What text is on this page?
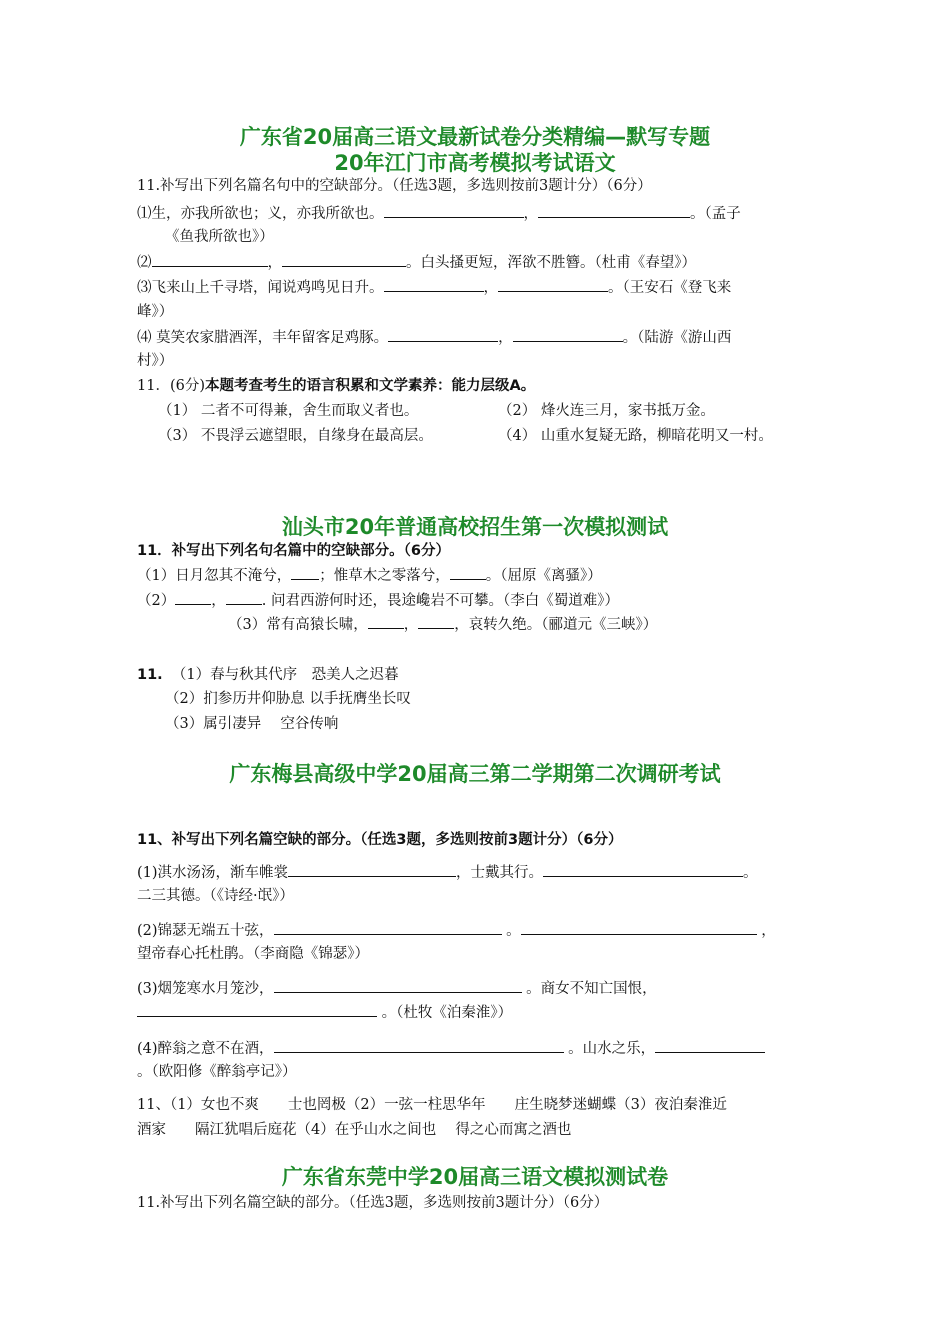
广东省20届高三语文最新试卷分类精编—默写专题
20年江门市高考模拟考试语文
11.补写出下列名篇名句中的空缺部分。（任选3题，多选则按前3题计分）（6分）
⑴生，亦我所欲也；义，亦我所欲也。	，	。（孟子
《鱼我所欲也》）
⑵	，	。白头搔更短，浑欲不胜簪。（杜甫《春望》）
⑶飞来山上千寻塔，闻说鸡鸣见日升。	，	。（王安石《登飞来
峰》）
⑷ 莫笑农家腊酒浑，丰年留客足鸡豚。	，	。（陆游《游山西
村》）
11．(6分)本题考查考生的语言积累和文学素养：能力层级A。
（1） 二者不可得兼，舍生而取义者也。	（2） 烽火连三月，家书抵万金。
（3） 不畏浮云遮望眼，自缘身在最高层。	（4） 山重水复疑无路，柳暗花明又一村。
汕头市20年普通高校招生第一次模拟测试
11．补写出下列名句名篇中的空缺部分。（6分）
（1）日月忽其不淹兮， ；惟草木之零落兮， 。（屈原《离骚》）
（2） ， . 问君西游何时还，畏途巉岩不可攀。（李白《蜀道难》）
（3）常有高猿长啸， ， ，哀转久绝。（郦道元《三峡》）
11. （1）春与秋其代序　恐美人之迟暮
（2）扪参历井仰胁息 以手抚膺坐长叹
（3）属引凄异　 空谷传响
广东梅县高级中学20届高三第二学期第二次调研考试
11、补写出下列名篇空缺的部分。（任选3题，多选则按前3题计分）（6分）
(1)淇水汤汤，渐车帷裳	，士戴其行。	。
二三其德。（《诗经·氓》）
(2)锦瑟无端五十弦，	。	，
望帝春心托杜鹃。（李商隐《锦瑟》）
(3)烟笼寒水月笼沙，	。商女不知亡国恨，
。（杜牧《泊秦淮》）
(4)醉翁之意不在酒，	。山水之乐，
。（欧阳修《醉翁亭记》）
11、（1）女也不爽　　士也罔极（2）一弦一柱思华年　　庄生晓梦迷蝴蝶（3）夜泊秦淮近
酒家　　隔江犹唱后庭花（4）在乎山水之间也　 得之心而寓之酒也
广东省东莞中学20届高三语文模拟测试卷
11.补写出下列名篇空缺的部分。（任选3题，多选则按前3题计分）（6分）
